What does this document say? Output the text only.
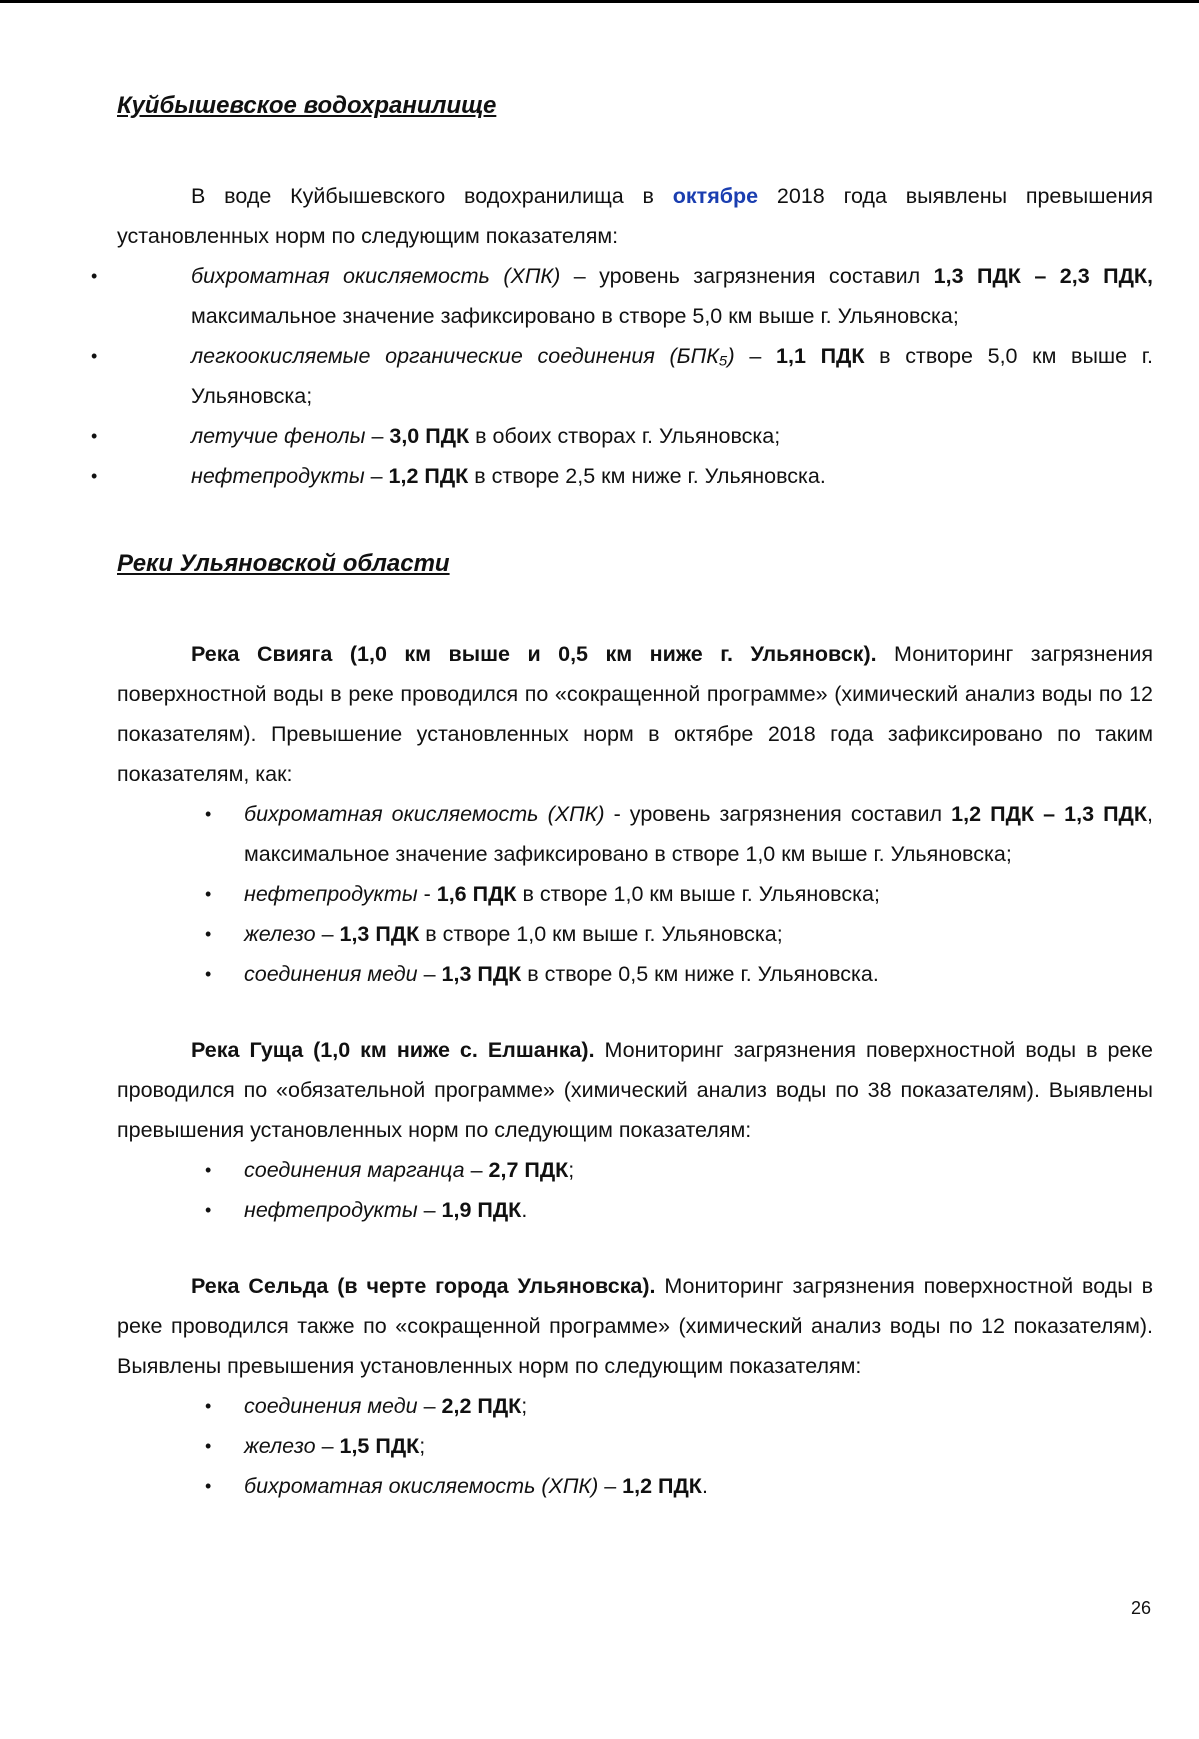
Куйбышевское водохранилище

В воде Куйбышевского водохранилища в октябре 2018 года выявлены превышения установленных норм по следующим показателям:

•	бихроматная окисляемость (ХПК) – уровень загрязнения составил 1,3 ПДК – 2,3 ПДК, максимальное значение зафиксировано в створе 5,0 км выше г. Ульяновска;
•	легкоокисляемые органические соединения (БПК₅) – 1,1 ПДК в створе 5,0 км выше г. Ульяновска;
•	летучие фенолы – 3,0 ПДК в обоих створах г. Ульяновска;
•	нефтепродукты – 1,2 ПДК в створе 2,5 км ниже г. Ульяновска.

Реки Ульяновской области

Река Свияга (1,0 км выше и 0,5 км ниже г. Ульяновск). Мониторинг загрязнения поверхностной воды в реке проводился по «сокращенной программе» (химический анализ воды по 12 показателям). Превышение установленных норм в октябре 2018 года зафиксировано по таким показателям, как:

• бихроматная окисляемость (ХПК) - уровень загрязнения составил 1,2 ПДК – 1,3 ПДК, максимальное значение зафиксировано в створе 1,0 км выше г. Ульяновска;
• нефтепродукты - 1,6 ПДК в створе 1,0 км выше г. Ульяновска;
• железо – 1,3 ПДК в створе 1,0 км выше г. Ульяновска;
• соединения меди – 1,3 ПДК в створе 0,5 км ниже г. Ульяновска.

Река Гуща (1,0 км ниже с. Елшанка). Мониторинг загрязнения поверхностной воды в реке проводился по «обязательной программе» (химический анализ воды по 38 показателям). Выявлены превышения установленных норм по следующим показателям:

• соединения марганца – 2,7 ПДК;
• нефтепродукты – 1,9 ПДК.

Река Сельда (в черте города Ульяновска). Мониторинг загрязнения поверхностной воды в реке проводился также по «сокращенной программе» (химический анализ воды по 12 показателям). Выявлены превышения установленных норм по следующим показателям:

• соединения меди – 2,2 ПДК;
• железо – 1,5 ПДК;
• бихроматная окисляемость (ХПК) – 1,2 ПДК.
26
